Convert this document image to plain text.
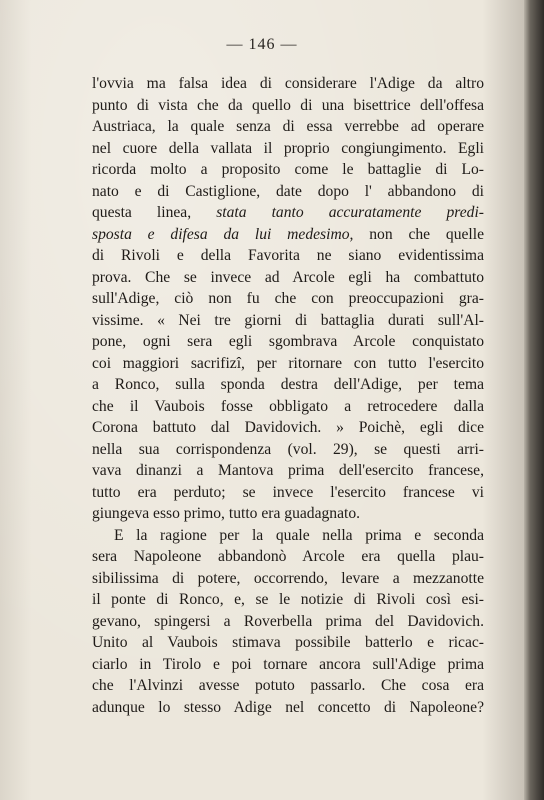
— 146 —
l'ovvia ma falsa idea di considerare l'Adige da altro
punto di vista che da quello di una bisettrice dell'offesa
Austriaca, la quale senza di essa verrebbe ad operare
nel cuore della vallata il proprio congiungimento. Egli
ricorda molto a proposito come le battaglie di Lo-
nato e di Castiglione, date dopo l' abbandono di
questa linea, stata tanto accuratamente predi-
sposta e difesa da lui medesimo, non che quelle
di Rivoli e della Favorita ne siano evidentissima
prova. Che se invece ad Arcole egli ha combattuto
sull'Adige, ciò non fu che con preoccupazioni gra-
vissime. « Nei tre giorni di battaglia durati sull'Al-
pone, ogni sera egli sgombrava Arcole conquistato
coi maggiori sacrifizî, per ritornare con tutto l'esercito
a Ronco, sulla sponda destra dell'Adige, per tema
che il Vaubois fosse obbligato a retrocedere dalla
Corona battuto dal Davidovich. » Poichè, egli dice
nella sua corrispondenza (vol. 29), se questi arri-
vava dinanzi a Mantova prima dell'esercito francese,
tutto era perduto; se invece l'esercito francese vi
giungeva esso primo, tutto era guadagnato.
E la ragione per la quale nella prima e seconda
sera Napoleone abbandonò Arcole era quella plau-
sibilissima di potere, occorrendo, levare a mezzanotte
il ponte di Ronco, e, se le notizie di Rivoli così esi-
gevano, spingersi a Roverbella prima del Davidovich.
Unito al Vaubois stimava possibile batterlo e ricac-
ciarlo in Tirolo e poi tornare ancora sull'Adige prima
che l'Alvinzi avesse potuto passarlo. Che cosa era
adunque lo stesso Adige nel concetto di Napoleone?
